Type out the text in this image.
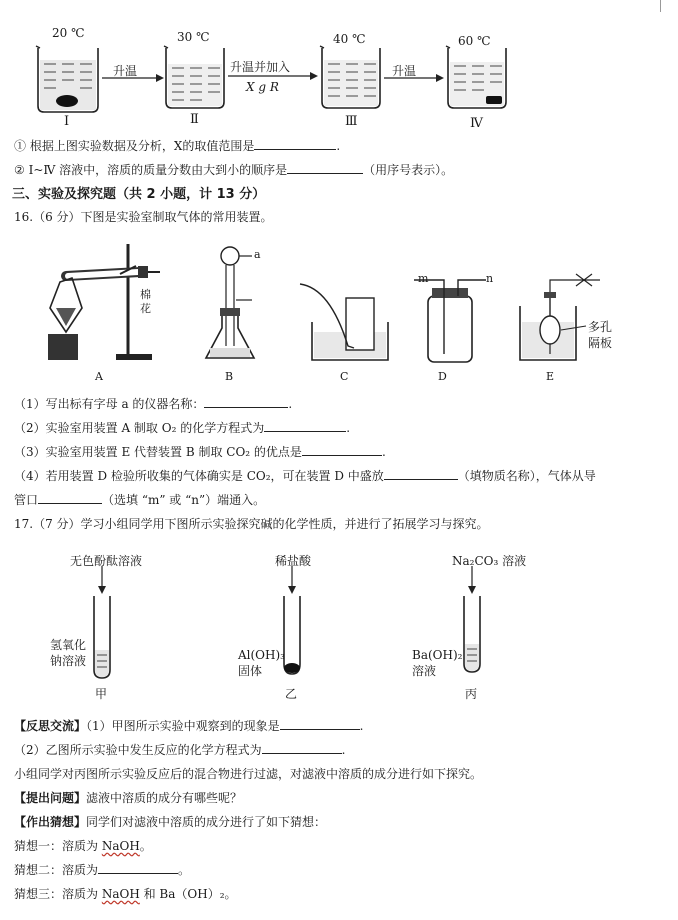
20 ℃	30 ℃	40 ℃	60 ℃
升温	升温并加入
X g R
升温
Ⅰ	Ⅱ	Ⅲ	Ⅳ
① 根据上图实验数据及分析，X的取值范围是	.
② Ⅰ~Ⅳ 溶液中，溶质的质量分数由大到小的顺序是	（用序号表示）。
三、实验及探究题（共 2 小题，计 13 分）
16.（6 分）下图是实验室制取气体的常用装置。
A	B	C	D	E
棉
花
a
m	n
多孔
隔板
（1）写出标有字母 a 的仪器名称：	.
（2）实验室用装置 A 制取 O₂ 的化学方程式为	.
（3）实验室用装置 E 代替装置 B 制取 CO₂ 的优点是	.
（4）若用装置 D 检验所收集的气体确实是 CO₂，可在装置 D 中盛放	（填物质名称），气体从导
管口	（选填 “m” 或 “n”）端通入。
17.（7 分）学习小组同学用下图所示实验探究碱的化学性质，并进行了拓展学习与探究。
无色酚酞溶液	稀盐酸	Na₂CO₃ 溶液
氢氧化
钠溶液	Al(OH)₃
固体
Ba(OH)₂
溶液
甲	乙	丙
【反思交流】（1）甲图所示实验中观察到的现象是	.
（2）乙图所示实验中发生反应的化学方程式为	.
小组同学对丙图所示实验反应后的混合物进行过滤，对滤液中溶质的成分进行如下探究。
【提出问题】滤液中溶质的成分有哪些呢？
【作出猜想】同学们对滤液中溶质的成分进行了如下猜想：
猜想一：溶质为 NaOH。
猜想二：溶质为	。
猜想三：溶质为 NaOH 和 Ba（OH）₂。
